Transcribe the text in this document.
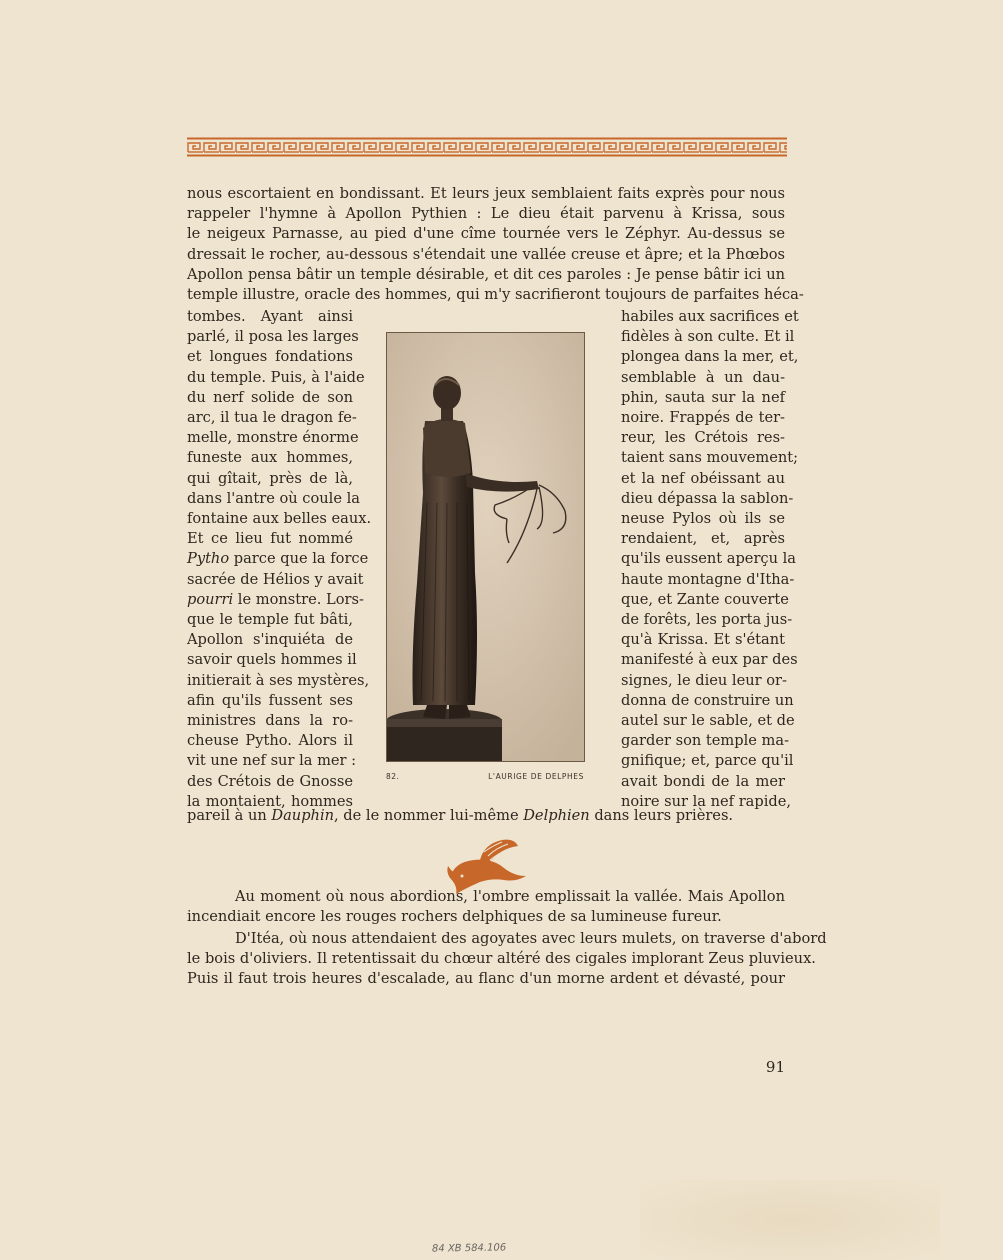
nous escortaient en bondissant. Et leurs jeux semblaient faits exprès pour nous
rappeler l'hymne à Apollon Pythien : Le dieu était parvenu à Krissa, sous
le neigeux Parnasse, au pied d'une cîme tournée vers le Zéphyr. Au-dessus se
dressait le rocher, au-dessous s'étendait une vallée creuse et âpre; et la Phœbos
Apollon pensa bâtir un temple désirable, et dit ces paroles : Je pense bâtir ici un
temple illustre, oracle des hommes, qui m'y sacrifieront toujours de parfaites héca-
tombes. Ayant ainsi
parlé, il posa les larges
et longues fondations
du temple. Puis, à l'aide
du nerf solide de son
arc, il tua le dragon fe-
melle, monstre énorme
funeste aux hommes,
qui gîtait, près de là,
dans l'antre où coule la
fontaine aux belles eaux.
Et ce lieu fut nommé
Pytho parce que la force
sacrée de Hélios y avait
pourri le monstre. Lors-
que le temple fut bâti,
Apollon s'inquiéta de
savoir quels hommes il
initierait à ses mystères,
afin qu'ils fussent ses
ministres dans la ro-
cheuse Pytho. Alors il
vit une nef sur la mer :
des Crétois de Gnosse
la montaient, hommes
habiles aux sacrifices et
fidèles à son culte. Et il
plongea dans la mer, et,
semblable à un dau-
phin, sauta sur la nef
noire. Frappés de ter-
reur, les Crétois res-
taient sans mouvement;
et la nef obéissant au
dieu dépassa la sablon-
neuse Pylos où ils se
rendaient, et, après
qu'ils eussent aperçu la
haute montagne d'Itha-
que, et Zante couverte
de forêts, les porta jus-
qu'à Krissa. Et s'étant
manifesté à eux par des
signes, le dieu leur or-
donna de construire un
autel sur le sable, et de
garder son temple ma-
gnifique; et, parce qu'il
avait bondi de la mer
noire sur la nef rapide,
82.	L'AURIGE DE DELPHES
pareil à un Dauphin, de le nommer lui-même Delphien dans leurs prières.
Au moment où nous abordions, l'ombre emplissait la vallée. Mais Apollon
incendiait encore les rouges rochers delphiques de sa lumineuse fureur.
D'Itéa, où nous attendaient des agoyates avec leurs mulets, on traverse d'abord
le bois d'oliviers. Il retentissait du chœur altéré des cigales implorant Zeus pluvieux.
Puis il faut trois heures d'escalade, au flanc d'un morne ardent et dévasté, pour
91
84 XB 584.106
